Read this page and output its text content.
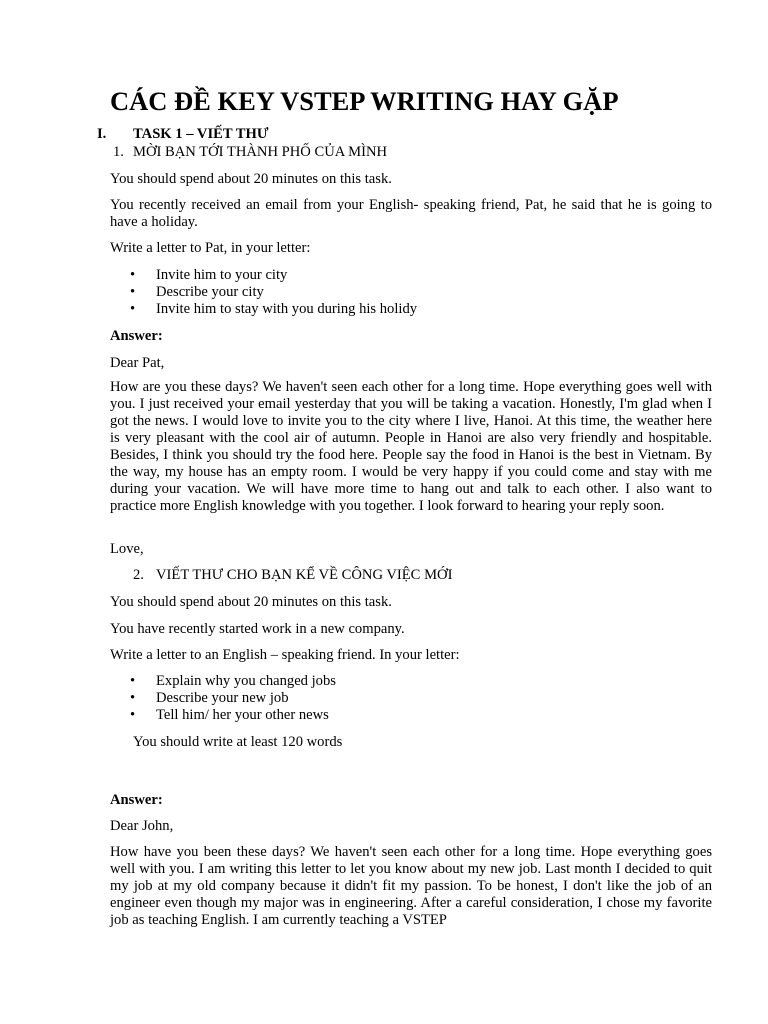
CÁC ĐỀ KEY VSTEP WRITING HAY GẶP
I. TASK 1 – VIẾT THƯ
1. MỜI BẠN TỚI THÀNH PHỐ CỦA MÌNH

You should spend about 20 minutes on this task.

You recently received an email from your English- speaking friend, Pat, he said that he is going to have a holiday.

Write a letter to Pat, in your letter:

• Invite him to your city
• Describe your city
• Invite him to stay with you during his holidy

Answer:

Dear Pat,

How are you these days? We haven't seen each other for a long time. Hope everything goes well with you. I just received your email yesterday that you will be taking a vacation. Honestly, I'm glad when I got the news. I would love to invite you to the city where I live, Hanoi. At this time, the weather here is very pleasant with the cool air of autumn. People in Hanoi are also very friendly and hospitable. Besides, I think you should try the food here. People say the food in Hanoi is the best in Vietnam. By the way, my house has an empty room. I would be very happy if you could come and stay with me during your vacation. We will have more time to hang out and talk to each other. I also want to practice more English knowledge with you together. I look forward to hearing your reply soon.

Love,

2. VIẾT THƯ CHO BẠN KỂ VỀ CÔNG VIỆC MỚI

You should spend about 20 minutes on this task.

You have recently started work in a new company.

Write a letter to an English – speaking friend. In your letter:

• Explain why you changed jobs
• Describe your new job
• Tell him/ her your other news

You should write at least 120 words

Answer:

Dear John,

How have you been these days? We haven't seen each other for a long time. Hope everything goes well with you. I am writing this letter to let you know about my new job. Last month I decided to quit my job at my old company because it didn't fit my passion. To be honest, I don't like the job of an engineer even though my major was in engineering. After a careful consideration, I chose my favorite job as teaching English. I am currently teaching a VSTEP
